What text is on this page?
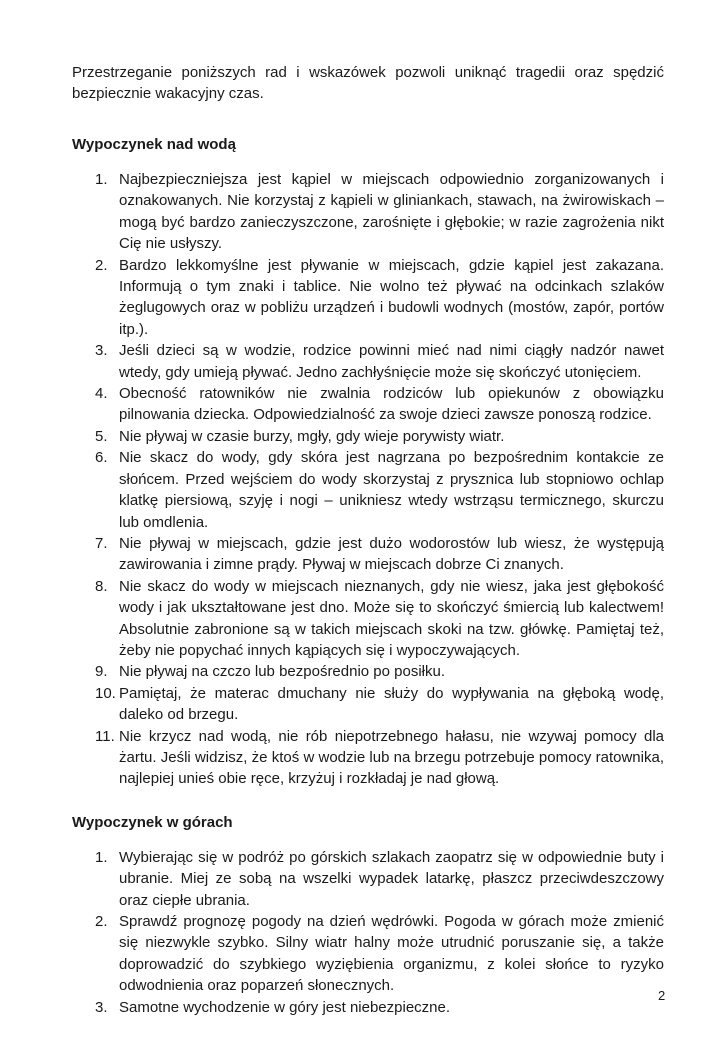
Przestrzeganie poniższych rad i wskazówek pozwoli uniknąć tragedii oraz spędzić bezpiecznie wakacyjny czas.

Wypoczynek nad wodą
1. Najbezpieczniejsza jest kąpiel w miejscach odpowiednio zorganizowanych i oznakowanych. Nie korzystaj z kąpieli w gliniankach, stawach, na żwirowiskach – mogą być bardzo zanieczyszczone, zarośnięte i głębokie; w razie zagrożenia nikt Cię nie usłyszy.
2. Bardzo lekkomyślne jest pływanie w miejscach, gdzie kąpiel jest zakazana. Informują o tym znaki i tablice. Nie wolno też pływać na odcinkach szlaków żeglugowych oraz w pobliżu urządzeń i budowli wodnych (mostów, zapór, portów itp.).
3. Jeśli dzieci są w wodzie, rodzice powinni mieć nad nimi ciągły nadzór nawet wtedy, gdy umieją pływać. Jedno zachłyśnięcie może się skończyć utonięciem.
4. Obecność ratowników nie zwalnia rodziców lub opiekunów z obowiązku pilnowania dziecka. Odpowiedzialność za swoje dzieci zawsze ponoszą rodzice.
5. Nie pływaj w czasie burzy, mgły, gdy wieje porywisty wiatr.
6. Nie skacz do wody, gdy skóra jest nagrzana po bezpośrednim kontakcie ze słońcem. Przed wejściem do wody skorzystaj z prysznica lub stopniowo ochlap klatkę piersiową, szyję i nogi – unikniesz wtedy wstrząsu termicznego, skurczu lub omdlenia.
7. Nie pływaj w miejscach, gdzie jest dużo wodorostów lub wiesz, że występują zawirowania i zimne prądy. Pływaj w miejscach dobrze Ci znanych.
8. Nie skacz do wody w miejscach nieznanych, gdy nie wiesz, jaka jest głębokość wody i jak ukształtowane jest dno. Może się to skończyć śmiercią lub kalectwem! Absolutnie zabronione są w takich miejscach skoki na tzw. główkę. Pamiętaj też, żeby nie popychać innych kąpiących się i wypoczywających.
9. Nie pływaj na czczo lub bezpośrednio po posiłku.
10. Pamiętaj, że materac dmuchany nie służy do wypływania na głęboką wodę, daleko od brzegu.
11. Nie krzycz nad wodą, nie rób niepotrzebnego hałasu, nie wzywaj pomocy dla żartu. Jeśli widzisz, że ktoś w wodzie lub na brzegu potrzebuje pomocy ratownika, najlepiej unieś obie ręce, krzyżuj i rozkładaj je nad głową.
Wypoczynek w górach
1. Wybierając się w podróż po górskich szlakach zaopatrz się w odpowiednie buty i ubranie. Miej ze sobą na wszelki wypadek latarkę, płaszcz przeciwdeszczowy oraz ciepłe ubrania.
2. Sprawdź prognozę pogody na dzień wędrówki. Pogoda w górach może zmienić się niezwykle szybko. Silny wiatr halny może utrudnić poruszanie się, a także doprowadzić do szybkiego wyziębienia organizmu, z kolei słońce to ryzyko odwodnienia oraz poparzeń słonecznych.
3. Samotne wychodzenie w góry jest niebezpieczne.
2
